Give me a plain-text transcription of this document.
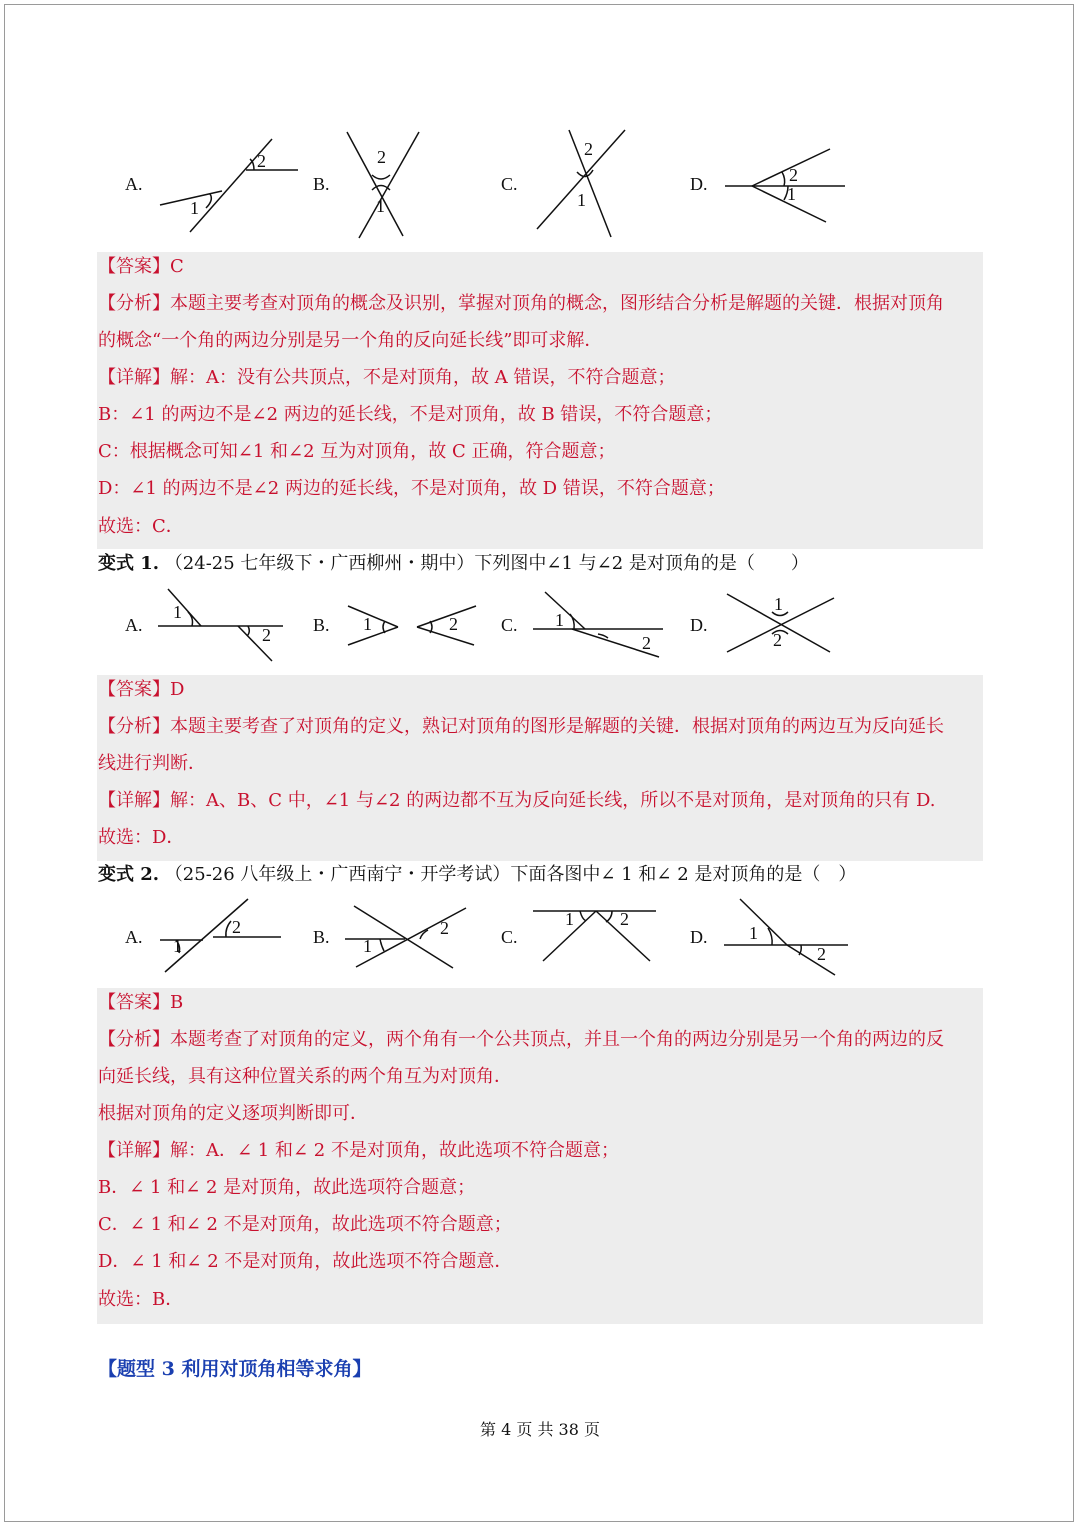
A.	B.	C.	D.
1
2	2
1
2
1
2
1
【答案】C
【分析】本题主要考查对顶角的概念及识别，掌握对顶角的概念，图形结合分析是解题的关键．根据对顶角
的概念“一个角的两边分别是另一个角的反向延长线”即可求解．
【详解】解：A：没有公共顶点，不是对顶角，故 A 错误，不符合题意；
B：∠1 的两边不是∠2 两边的延长线，不是对顶角，故 B 错误，不符合题意；
C：根据概念可知∠1 和∠2 互为对顶角，故 C 正确，符合题意；
D：∠1 的两边不是∠2 两边的延长线，不是对顶角，故 D 错误，不符合题意；
故选：C．
变式 1. （24-25 七年级下・广西柳州・期中）下列图中∠1 与∠2 是对顶角的是（　　）
A.	B.	C.	D.
1
2
1	2	1
2
1
2
【答案】D
【分析】本题主要考查了对顶角的定义，熟记对顶角的图形是解题的关键．根据对顶角的两边互为反向延长
线进行判断．
【详解】解：A、B、C 中，∠1 与∠2 的两边都不互为反向延长线，所以不是对顶角，是对顶角的只有 D.
故选：D．
变式 2. （25-26 八年级上・广西南宁・开学考试）下面各图中∠ 1 和∠ 2 是对顶角的是（　）
A.	B.	C.	D.
1
2
1
2	1	2
1
2
【答案】B
【分析】本题考查了对顶角的定义，两个角有一个公共顶点，并且一个角的两边分别是另一个角的两边的反
向延长线，具有这种位置关系的两个角互为对顶角．
根据对顶角的定义逐项判断即可．
【详解】解：A．∠ 1 和∠ 2 不是对顶角，故此选项不符合题意；
B．∠ 1 和∠ 2 是对顶角，故此选项符合题意；
C．∠ 1 和∠ 2 不是对顶角，故此选项不符合题意；
D．∠ 1 和∠ 2 不是对顶角，故此选项不符合题意．
故选：B．
【题型 3 利用对顶角相等求角】
第 4 页 共 38 页
